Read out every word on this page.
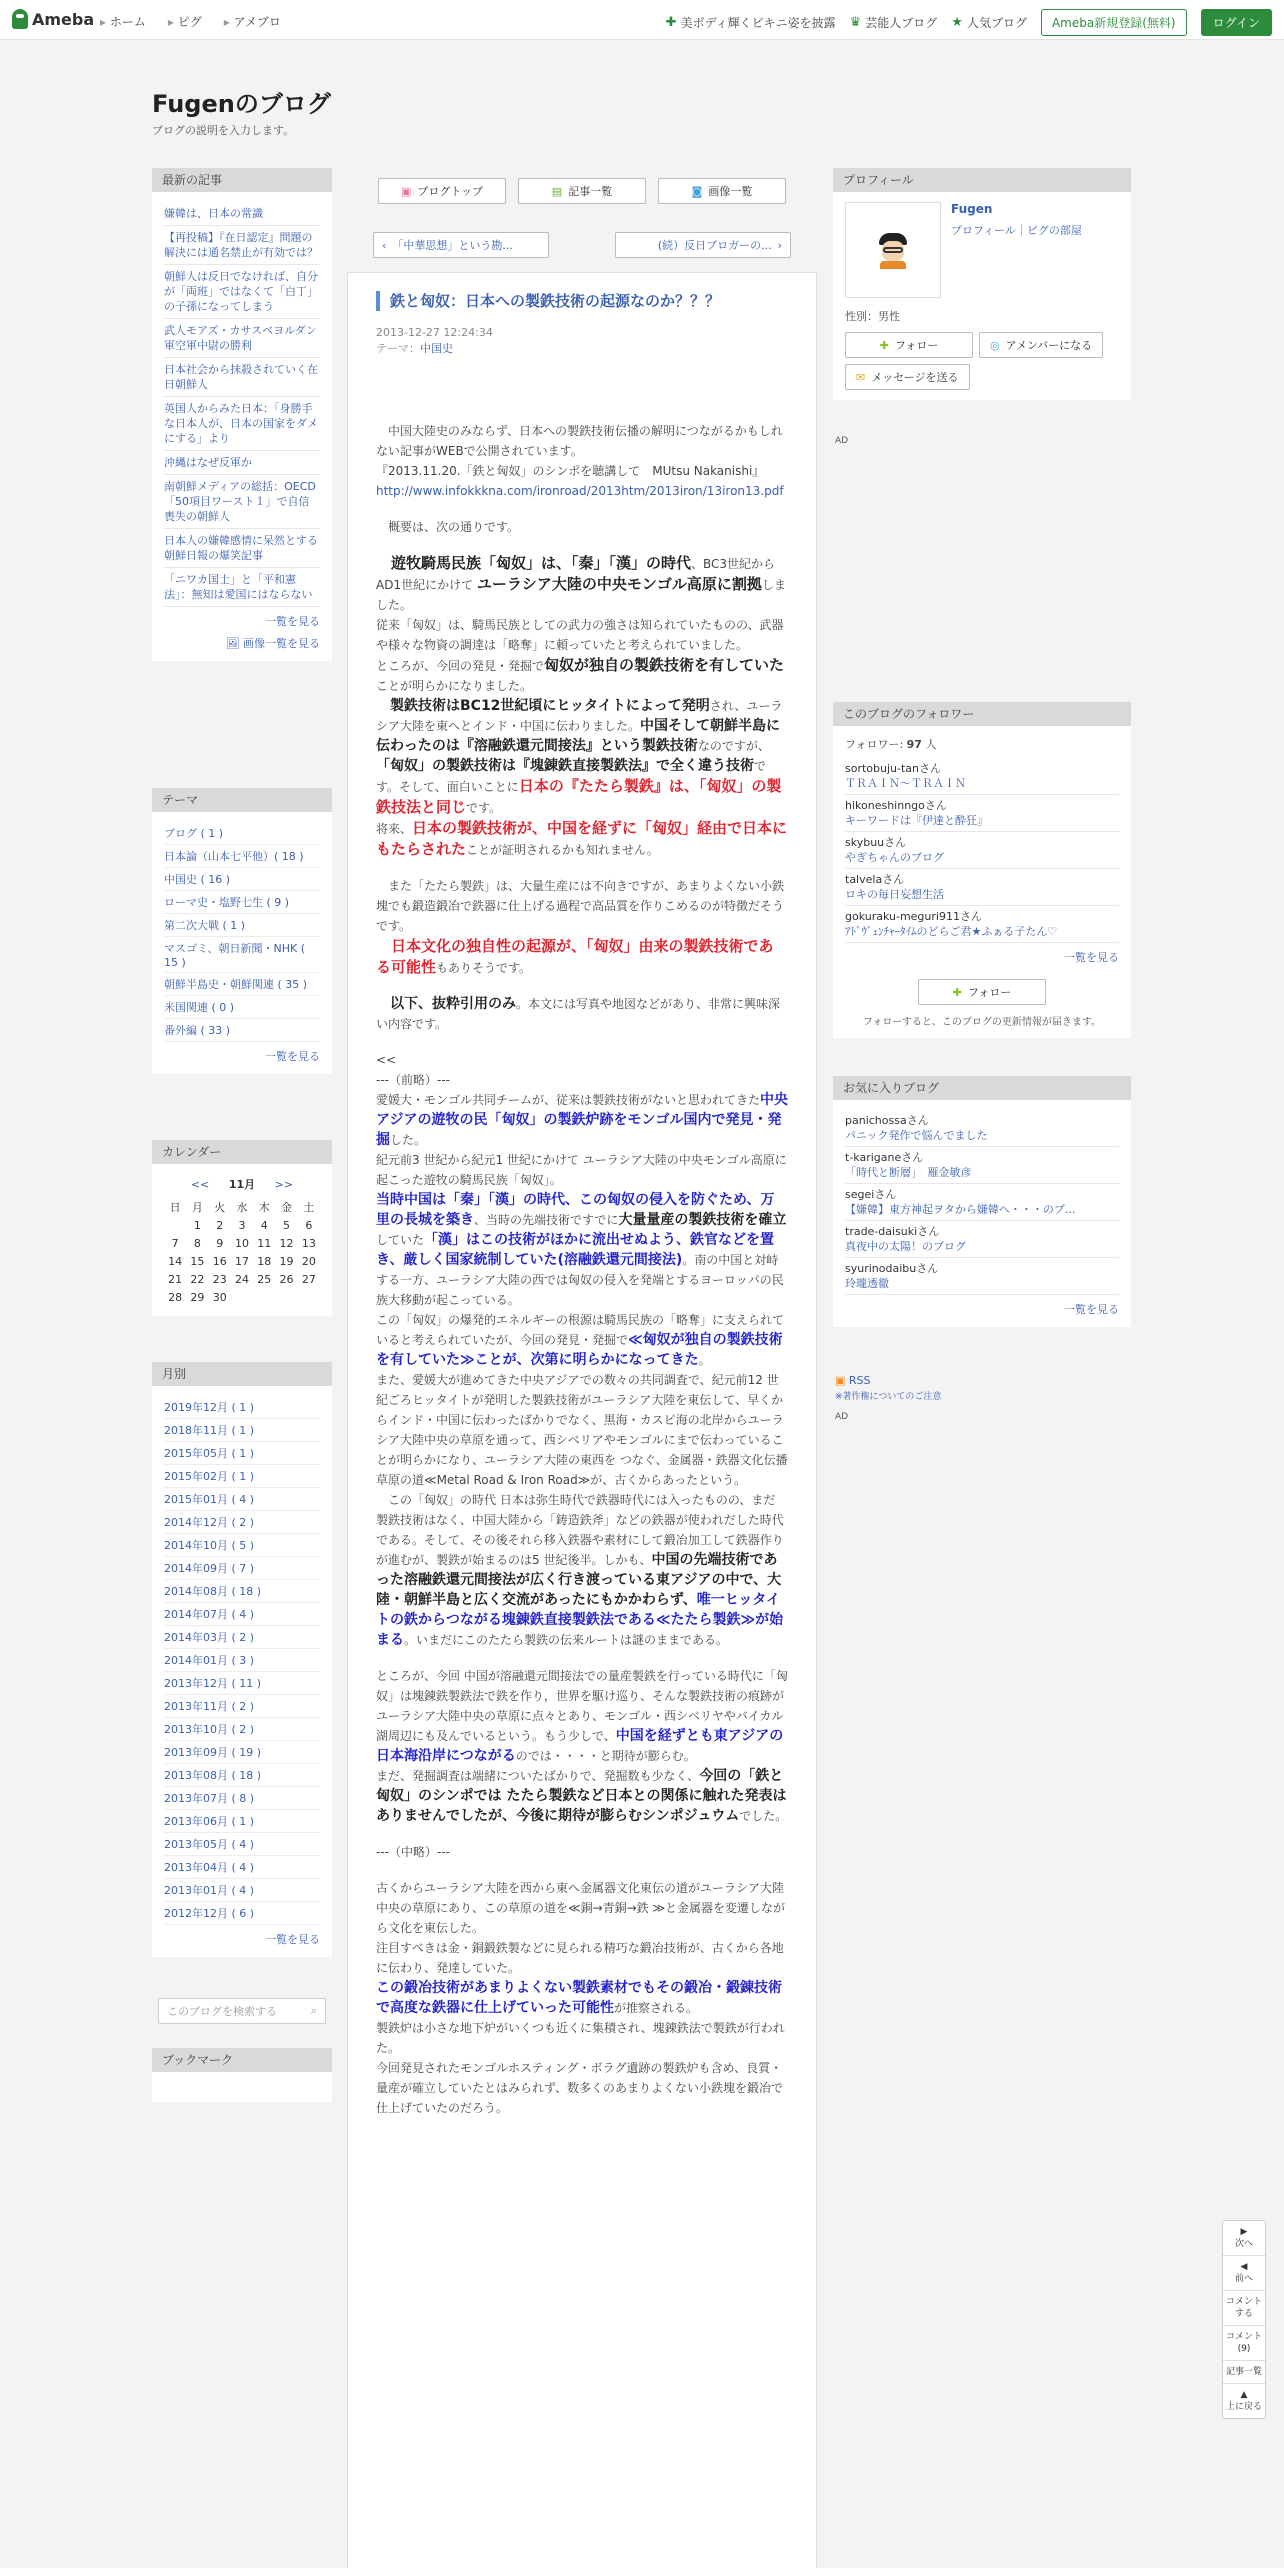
Ameba	▸ ホーム	▸ ピグ	▸ アメブロ	✚ 美ボディ輝くビキニ姿を披露 ♛ 芸能人ブログ ★ 人気ブログ	Ameba新規登録(無料)	ログイン
Fugenのブログ
ブログの説明を入力します。
最新の記事
嫌韓は、日本の常識
【再投稿】『在日認定』問題の解決には通名禁止が有効では？
朝鮮人は反日でなければ、自分が「両班」ではなくて「白丁」の子孫になってしまう
武人モアズ・カサスベヨルダン軍空軍中尉の勝利
日本社会から抹殺されていく在日朝鮮人
英国人からみた日本：「身勝手な日本人が、日本の国家をダメにする」より
沖縄はなぜ反軍か
南朝鮮メディアの総括：OECD「50項目ワースト１」で自信喪失の朝鮮人
日本人の嫌韓感情に呆然とする朝鮮日報の爆笑記事
「ニワカ国士」と「平和憲法」：無知は愛国にはならない
一覧を見る
🖼 画像一覧を見る
テーマ
ブログ ( 1 )
日本論（山本七平他）( 18 )
中国史 ( 16 )
ローマ史・塩野七生 ( 9 )
第二次大戦 ( 1 )
マスゴミ、朝日新聞・NHK ( 15 )
朝鮮半島史・朝鮮関連 ( 35 )
米国関連 ( 0 )
番外編 ( 33 )
一覧を見る
カレンダー
<< 11月 >>
日	月	火	水	木	金	土
	1	2	3	4	5	6
7	8	9	10	11	12	13
14	15	16	17	18	19	20
21	22	23	24	25	26	27
28	29	30				
月別
2019年12月 ( 1 )
2018年11月 ( 1 )
2015年05月 ( 1 )
2015年02月 ( 1 )
2015年01月 ( 4 )
2014年12月 ( 2 )
2014年10月 ( 5 )
2014年09月 ( 7 )
2014年08月 ( 18 )
2014年07月 ( 4 )
2014年03月 ( 2 )
2014年01月 ( 3 )
2013年12月 ( 11 )
2013年11月 ( 2 )
2013年10月 ( 2 )
2013年09月 ( 19 )
2013年08月 ( 18 )
2013年07月 ( 8 )
2013年06月 ( 1 )
2013年05月 ( 4 )
2013年04月 ( 4 )
2013年01月 ( 4 )
2012年12月 ( 6 )
一覧を見る
このブログを検索する	⌕
ブックマーク
▣ ブログトップ	▤ 記事一覧	◙ 画像一覧
‹ 「中華思想」という勘...	(続）反日ブロガーの... ›
鉄と匈奴：日本への製鉄技術の起源なのか？？？
2013-12-27 12:24:34
テーマ：中国史

　中国大陸史のみならず、日本への製鉄技術伝播の解明につながるかもしれない記事がWEBで公開されています。

『2013.11.20.「鉄と匈奴」のシンポを聴講して　MUtsu Nakanishi』

http://www.infokkkna.com/ironroad/2013htm/2013iron/13iron13.pdf

　概要は、次の通りです。

　遊牧騎馬民族「匈奴」は、「秦」「漢」の時代、BC3世紀からAD1世紀にかけて ユーラシア大陸の中央モンゴル高原に割拠しました。

従来「匈奴」は、騎馬民族としての武力の強さは知られていたものの、武器や様々な物資の調達は「略奪」に頼っていたと考えられていました。

ところが、今回の発見・発掘で匈奴が独自の製鉄技術を有していたことが明らかになりました。

　製鉄技術はBC12世紀頃にヒッタイトによって発明され、ユーラシア大陸を東へとインド・中国に伝わりました。中国そして朝鮮半島に伝わったのは『溶融鉄還元間接法』という製鉄技術なのですが、「匈奴」の製鉄技術は『塊錬鉄直接製鉄法』で全く違う技術です。そして、面白いことに日本の『たたら製鉄』は、「匈奴」の製鉄技法と同じです。

将来、日本の製鉄技術が、中国を経ずに「匈奴」経由で日本にもたらされたことが証明されるかも知れません。

　また「たたら製鉄」は、大量生産には不向きですが、あまりよくない小鉄塊でも鍛造鍛冶で鉄器に仕上げる過程で高品質を作りこめるのが特徴だそうです。

　日本文化の独自性の起源が、「匈奴」由来の製鉄技術である可能性もありそうです。

　以下、抜粋引用のみ。本文には写真や地図などがあり、非常に興味深い内容です。

<<

---（前略）---

愛媛大・モンゴル共同チームが、従来は製鉄技術がないと思われてきた中央アジアの遊牧の民「匈奴」の製鉄炉跡をモンゴル国内で発見・発掘した。

紀元前3 世紀から紀元1 世紀にかけて ユーラシア大陸の中央モンゴル高原に起こった遊牧の騎馬民族「匈奴」。

当時中国は「秦」「漢」の時代、この匈奴の侵入を防ぐため、万里の長城を築き、当時の先端技術ですでに大量量産の製鉄技術を確立していた「漢」はこの技術がほかに流出せぬよう、鉄官などを置き、厳しく国家統制していた(溶融鉄還元間接法)。南の中国と対峙する一方、ユーラシア大陸の西では匈奴の侵入を発端とするヨーロッパの民族大移動が起こっている。

この「匈奴」の爆発的エネルギーの根源は騎馬民族の「略奪」に支えられていると考えられていたが、今回の発見・発掘で≪匈奴が独自の製鉄技術を有していた≫ことが、次第に明らかになってきた。

また、愛媛大が進めてきた中央アジアでの数々の共同調査で、紀元前12 世紀ごろヒッタイトが発明した製鉄技術がユーラシア大陸を東伝して、早くからインド・中国に伝わったばかりでなく、黒海・カスピ海の北岸からユーラシア大陸中央の草原を通って、西シベリアやモンゴルにまで伝わっていることが明らかになり、ユーラシア大陸の東西を つなぐ、金属器・鉄器文化伝播草原の道≪Metal Road & Iron Road≫が、古くからあったという。

　この「匈奴」の時代 日本は弥生時代で鉄器時代には入ったものの、まだ 製鉄技術はなく、中国大陸から「鋳造鉄斧」などの鉄器が使われだした時代である。そして、その後それら移入鉄器や素材にして鍛冶加工して鉄器作りが進むが、製鉄が始まるのは5 世紀後半。しかも、中国の先端技術であった溶融鉄還元間接法が広く行き渡っている東アジアの中で、大陸・朝鮮半島と広く交流があったにもかかわらず、唯一ヒッタイトの鉄からつながる塊錬鉄直接製鉄法である≪たたら製鉄≫が始まる。いまだにこのたたら製鉄の伝来ルートは謎のままである。

ところが、今回 中国が溶融還元間接法での量産製鉄を行っている時代に「匈奴」は塊錬鉄製鉄法で鉄を作り，世界を駆け巡り、そんな製鉄技術の痕跡がユーラシア大陸中央の草原に点々とあり、モンゴル・西シベリヤやバイカル湖周辺にも及んでいるという。もう少しで、中国を経ずとも東アジアの日本海沿岸につながるのでは・・・・と期待が膨らむ。

まだ、発掘調査は端緒についたばかりで、発掘数も少なく、今回の「鉄と匈奴」のシンポでは たたら製鉄など日本との関係に触れた発表はありませんでしたが、今後に期待が膨らむシンポジュウムでした。

---（中略）---

古くからユーラシア大陸を西から東へ金属器文化東伝の道がユーラシア大陸中央の草原にあり、この草原の道を≪銅→青銅→鉄 ≫と金属器を変遷しながら文化を東伝した。

注目すべきは金・銅鍛鉄製などに見られる精巧な鍛冶技術が、古くから各地に伝わり、発達していた。

この鍛冶技術があまりよくない製鉄素材でもその鍛冶・鍛錬技術で高度な鉄器に仕上げていった可能性が推察される。

製鉄炉は小さな地下炉がいくつも近くに集積され、塊錬鉄法で製鉄が行われた。

今回発見されたモンゴルホスティング・ボラグ遺跡の製鉄炉も含め、良質・量産が確立していたとはみられず、数多くのあまりよくない小鉄塊を鍛冶で仕上げていたのだろう。

プロフィール
Fugen
プロフィール｜ピグの部屋
性別：男性
✚ フォロー	◎ アメンバーになる
✉ メッセージを送る
AD
このブログのフォロワー
フォロワー: 97 人
sortobuju-tanさん
ＴＲＡＩＮ～ＴＲＡＩＮ
hikoneshinngoさん
キーワードは『伊達と酔狂』
skybuuさん
やぎちゃんのブログ
talvelaさん
ロキの毎日妄想生活
gokuraku-meguri911さん
ｱﾄﾞｳﾞｪﾝﾁｬｰﾀｲﾑのどらご君★ふぁる子たん♡
一覧を見る
✚ フォロー
フォローすると、このブログの更新情報が届きます。
お気に入りブログ
panichossaさん
パニック発作で悩んでました
t-kariganeさん
「時代と断層」　雁金敏彦
segeiさん
【嫌韓】東方神起ヲタから嫌韓へ・・・のブ...
trade-daisukiさん
真夜中の太陽！のブログ
syurinodaibuさん
玲瓏透徹
一覧を見る
▣ RSS
※著作権についてのご注意
AD
▶
次へ
◀
前へ
コメントする
コメント(9)
記事一覧
▲
上に戻る
